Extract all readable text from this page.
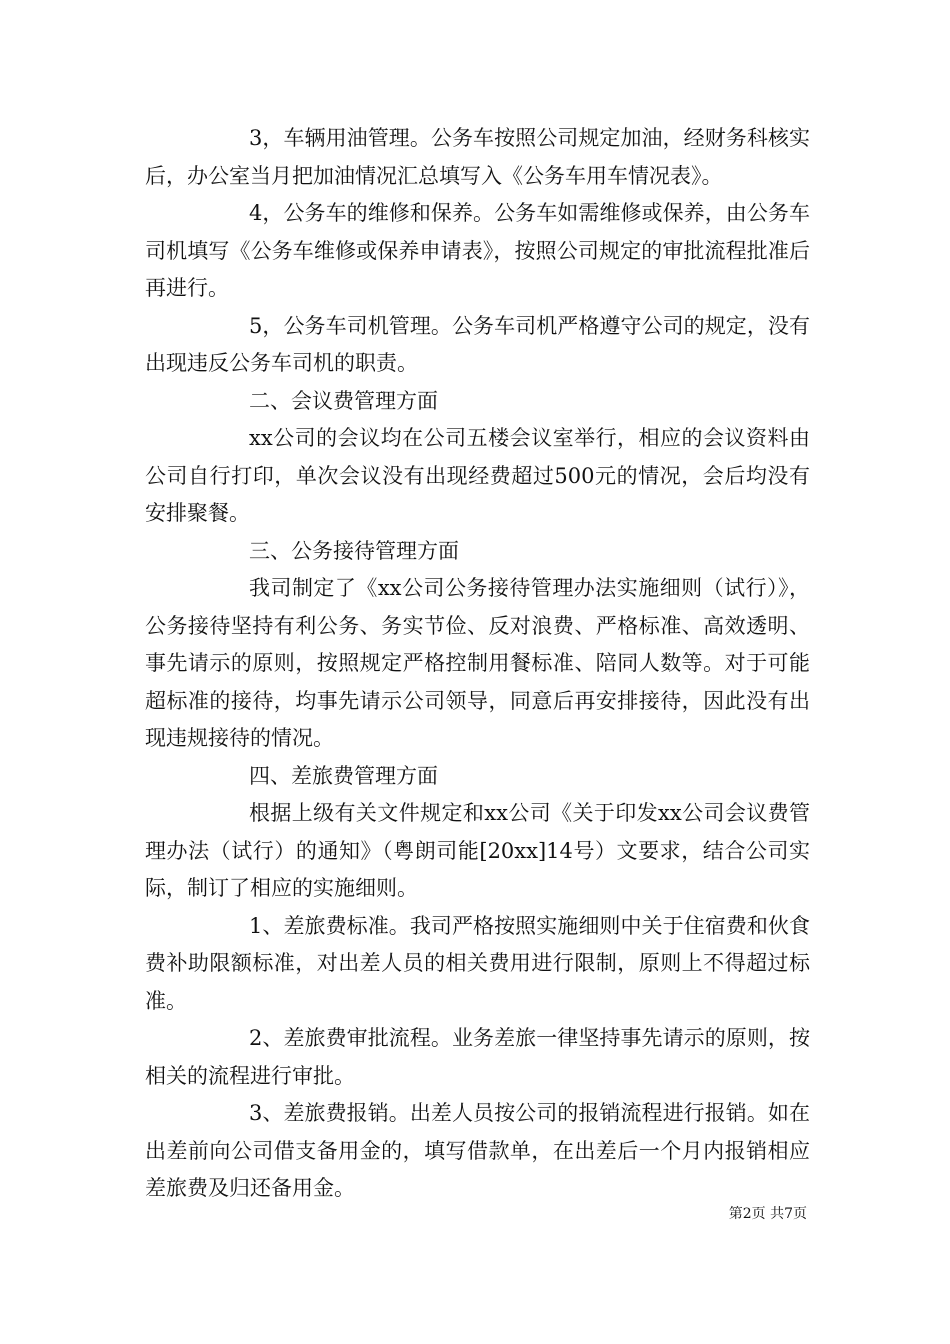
3，车辆用油管理。公务车按照公司规定加油，经财务科核实后，办公室当月把加油情况汇总填写入《公务车用车情况表》。

4，公务车的维修和保养。公务车如需维修或保养，由公务车司机填写《公务车维修或保养申请表》，按照公司规定的审批流程批准后再进行。

5，公务车司机管理。公务车司机严格遵守公司的规定，没有出现违反公务车司机的职责。

二、会议费管理方面

xx公司的会议均在公司五楼会议室举行，相应的会议资料由公司自行打印，单次会议没有出现经费超过500元的情况，会后均没有安排聚餐。

三、公务接待管理方面

我司制定了《xx公司公务接待管理办法实施细则（试行）》，公务接待坚持有利公务、务实节俭、反对浪费、严格标准、高效透明、事先请示的原则，按照规定严格控制用餐标准、陪同人数等。对于可能超标准的接待，均事先请示公司领导，同意后再安排接待，因此没有出现违规接待的情况。

四、差旅费管理方面

根据上级有关文件规定和xx公司《关于印发xx公司会议费管理办法（试行）的通知》（粤朗司能[20xx]14号）文要求，结合公司实际，制订了相应的实施细则。

1、差旅费标准。我司严格按照实施细则中关于住宿费和伙食费补助限额标准，对出差人员的相关费用进行限制，原则上不得超过标准。

2、差旅费审批流程。业务差旅一律坚持事先请示的原则，按相关的流程进行审批。

3、差旅费报销。出差人员按公司的报销流程进行报销。如在出差前向公司借支备用金的，填写借款单，在出差后一个月内报销相应差旅费及归还备用金。

第2页 共7页
